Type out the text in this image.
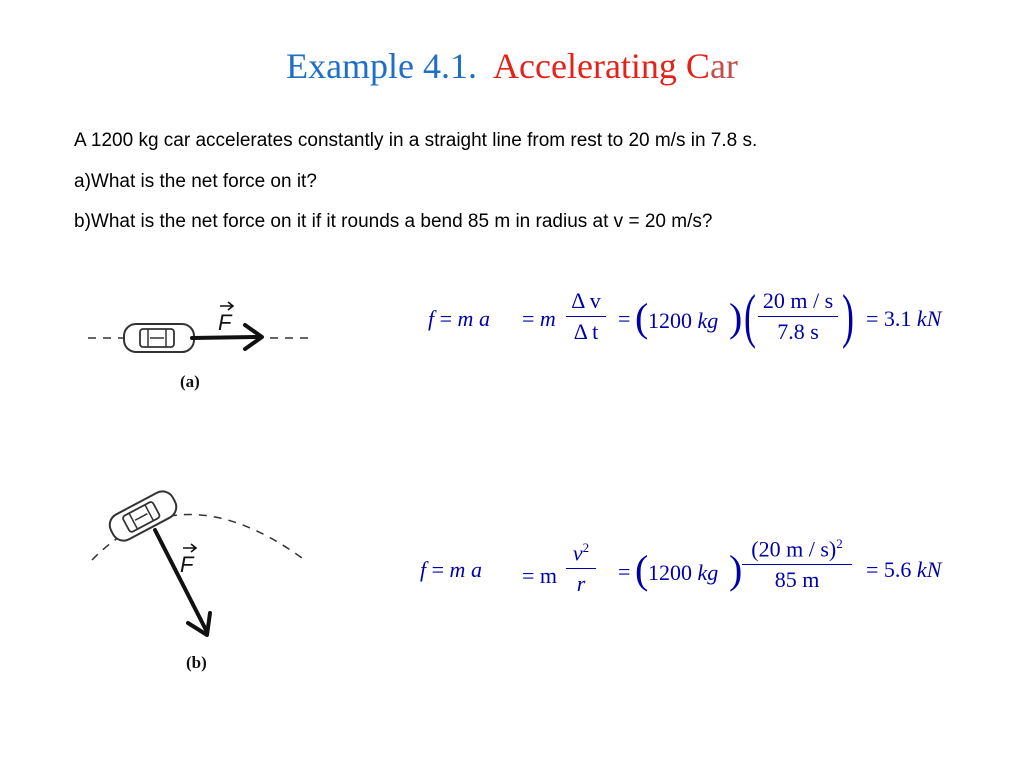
Example 4.1. Accelerating Car
A 1200 kg car accelerates constantly in a straight line from rest to 20 m/s in 7.8 s.
a)What is the net force on it?
b)What is the net force on it if it rounds a bend 85 m in radius at v = 20 m/s?
F
(a)
F
(b)
f = m a = m
Δ v
Δ t
= ( 1200 kg ) ( 20 m / s
7.8 s ) = 3.1 kN
f = m a = m
$v^2$
r	= ( 1200 kg ) (20 m / s)$^2$
85 m	= 5.6 kN
